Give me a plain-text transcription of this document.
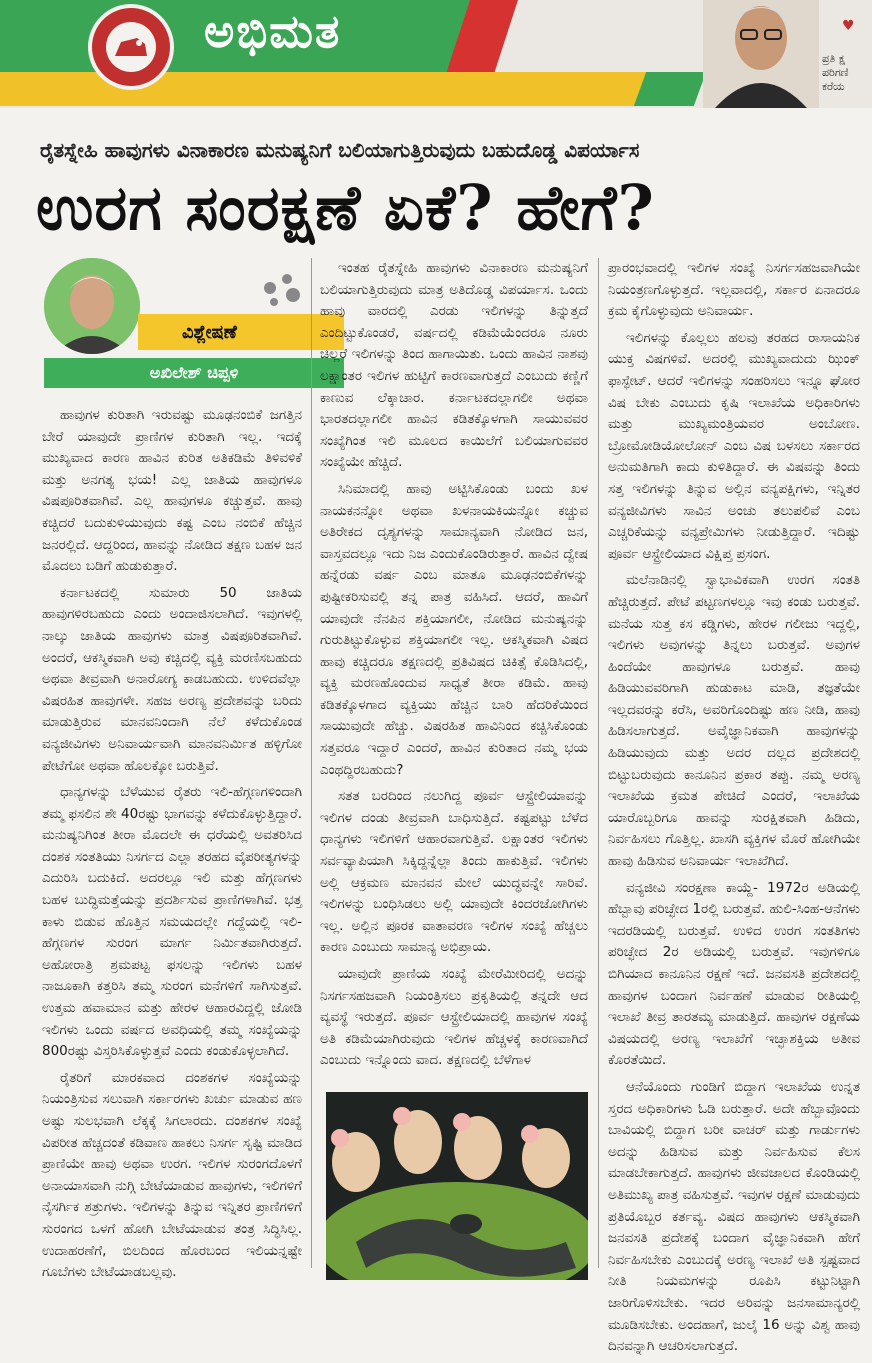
ಅಭಿಮತ	♥
ಪ್ರತಿ ಕ್ಷ
ಪರಿಗಣಿ
ಕರೆಯ
ರೈತಸ್ನೇಹಿ ಹಾವುಗಳು ವಿನಾಕಾರಣ ಮನುಷ್ಯನಿಗೆ ಬಲಿಯಾಗುತ್ತಿರುವುದು ಬಹುದೊಡ್ಡ ವಿಪರ್ಯಾಸ
ಉರಗ ಸಂರಕ್ಷಣೆ ಏಕೆ? ಹೇಗೆ?
ವಿಶ್ಲೇಷಣೆ
ಅಖಿಲೇಶ್ ಚಿಪ್ಪಳಿ

ಹಾವುಗಳ ಕುರಿತಾಗಿ ಇರುವಷ್ಟು ಮೂಢನಂಬಿಕೆ ಜಗತ್ತಿನ ಬೇರೆ ಯಾವುದೇ ಪ್ರಾಣಿಗಳ ಕುರಿತಾಗಿ ಇಲ್ಲ. ಇದಕ್ಕೆ ಮುಖ್ಯವಾದ ಕಾರಣ ಹಾವಿನ ಕುರಿತ ಅತಿಕಡಿಮೆ ತಿಳಿವಳಿಕೆ ಮತ್ತು ಅನಗತ್ಯ ಭಯ! ಎಲ್ಲ ಜಾತಿಯ ಹಾವುಗಳೂ ವಿಷಪೂರಿತವಾಗಿವೆ. ಎಲ್ಲ ಹಾವುಗಳೂ ಕಚ್ಚುತ್ತವೆ. ಹಾವು ಕಚ್ಚಿದರೆ ಬದುಕುಳಿಯುವುದು ಕಷ್ಟ ಎಂಬ ನಂಬಿಕೆ ಹೆಚ್ಚಿನ ಜನರಲ್ಲಿದೆ. ಆದ್ದರಿಂದ, ಹಾವನ್ನು ನೋಡಿದ ತಕ್ಷಣ ಬಹಳ ಜನ ಮೊದಲು ಬಡಿಗೆ ಹುಡುಕುತ್ತಾರೆ.

ಕರ್ನಾಟಕದಲ್ಲಿ ಸುಮಾರು 50 ಜಾತಿಯ ಹಾವುಗಳಿರಬಹುದು ಎಂದು ಅಂದಾಜಿಸಲಾಗಿದೆ. ಇವುಗಳಲ್ಲಿ ನಾಲ್ಕು ಜಾತಿಯ ಹಾವುಗಳು ಮಾತ್ರ ವಿಷಪೂರಿತವಾಗಿವೆ. ಅಂದರೆ, ಆಕಸ್ಮಿಕವಾಗಿ ಅವು ಕಚ್ಚಿದಲ್ಲಿ ವ್ಯಕ್ತಿ ಮರಣಿಸಬಹುದು ಅಥವಾ ತೀವ್ರವಾಗಿ ಅನಾರೋಗ್ಯ ಕಾಡಬಹುದು. ಉಳಿದವೆಲ್ಲಾ ವಿಷರಹಿತ ಹಾವುಗಳೇ. ಸಹಜ ಅರಣ್ಯ ಪ್ರದೇಶವನ್ನು ಬರಿದು ಮಾಡುತ್ತಿರುವ ಮಾನವನಿಂದಾಗಿ ನೆಲೆ ಕಳೆದುಕೊಂಡ ವನ್ಯಜೀವಿಗಳು ಅನಿವಾರ್ಯವಾಗಿ ಮಾನವನಿರ್ಮಿತ ಹಳ್ಳಿಗೋ ಪೇಟೆಗೋ ಅಥವಾ ಹೊಲಕ್ಕೋ ಬರುತ್ತಿವೆ.

ಧಾನ್ಯಗಳನ್ನು ಬೆಳೆಯುವ ರೈತರು ಇಲಿ-ಹೆಗ್ಗಣಗಳಿಂದಾಗಿ ತಮ್ಮ ಫಸಲಿನ ಶೇ 40ರಷ್ಟು ಭಾಗವನ್ನು ಕಳೆದುಕೊಳ್ಳುತ್ತಿದ್ದಾರೆ. ಮನುಷ್ಯನಿಗಿಂತ ತೀರಾ ಮೊದಲೇ ಈ ಧರೆಯಲ್ಲಿ ಅವತರಿಸಿದ ದಂಶಕ ಸಂತತಿಯು ನಿಸರ್ಗದ ಎಲ್ಲಾ ತರಹದ ವೈಪರೀತ್ಯಗಳನ್ನು ಎದುರಿಸಿ ಬದುಕಿದೆ. ಅದರಲ್ಲೂ ಇಲಿ ಮತ್ತು ಹೆಗ್ಗಣಗಳು ಬಹಳ ಬುದ್ಧಿಮತ್ತೆಯನ್ನು ಪ್ರದರ್ಶಿಸುವ ಪ್ರಾಣಿಗಳಾಗಿವೆ. ಭತ್ತ ಕಾಳು ಬಿಡುವ ಹೊತ್ತಿನ ಸಮಯದಲ್ಲೇ ಗದ್ದೆಯಲ್ಲಿ ಇಲಿ-ಹೆಗ್ಗಣಗಳ ಸುರಂಗ ಮಾರ್ಗ ನಿರ್ಮಿತವಾಗಿರುತ್ತದೆ. ಅಹೋರಾತ್ರಿ ಶ್ರಮಪಟ್ಟ ಫಸಲನ್ನು ಇಲಿಗಳು ಬಹಳ ನಾಜೂಕಾಗಿ ಕತ್ತರಿಸಿ ತಮ್ಮ ಸುರಂಗ ಮನೆಗಳಿಗೆ ಸಾಗಿಸುತ್ತವೆ. ಉತ್ತಮ ಹವಾಮಾನ ಮತ್ತು ಹೇರಳ ಆಹಾರವಿದ್ದಲ್ಲಿ ಜೋಡಿ ಇಲಿಗಳು ಒಂದು ವರ್ಷದ ಅವಧಿಯಲ್ಲಿ ತಮ್ಮ ಸಂಖ್ಯೆಯನ್ನು 800ರಷ್ಟು ವಿಸ್ತರಿಸಿಕೊಳ್ಳುತ್ತವೆ ಎಂದು ಕಂಡುಕೊಳ್ಳಲಾಗಿದೆ.

ರೈತರಿಗೆ ಮಾರಕವಾದ ದಂಶಕಗಳ ಸಂಖ್ಯೆಯನ್ನು ನಿಯಂತ್ರಿಸುವ ಸಲುವಾಗಿ ಸರ್ಕಾರಗಳು ಖರ್ಚು ಮಾಡುವ ಹಣ ಅಷ್ಟು ಸುಲಭವಾಗಿ ಲೆಕ್ಕಕ್ಕೆ ಸಿಗಲಾರದು. ದಂಶಕಗಳ ಸಂಖ್ಯೆ ವಿಪರೀತ ಹೆಚ್ಚದಂತೆ ಕಡಿವಾಣ ಹಾಕಲು ನಿಸರ್ಗ ಸೃಷ್ಟಿ ಮಾಡಿದ ಪ್ರಾಣಿಯೇ ಹಾವು ಅಥವಾ ಉರಗ. ಇಲಿಗಳ ಸುರಂಗದೊಳಗೆ ಅನಾಯಾಸವಾಗಿ ನುಗ್ಗಿ ಬೇಟೆಯಾಡುವ ಹಾವುಗಳು, ಇಲಿಗಳಿಗೆ ನೈಸರ್ಗಿಕ ಶತ್ರುಗಳು. ಇಲಿಗಳನ್ನು ತಿನ್ನುವ ಇನ್ನಿತರ ಪ್ರಾಣಿಗಳಿಗೆ ಸುರಂಗದ ಒಳಗೆ ಹೋಗಿ ಬೇಟೆಯಾಡುವ ತಂತ್ರ ಸಿದ್ಧಿಸಿಲ್ಲ. ಉದಾಹರಣೆಗೆ, ಬಿಲದಿಂದ ಹೊರಬಂದ ಇಲಿಯನ್ನಷ್ಟೇ ಗೂಬೆಗಳು ಬೇಟೆಯಾಡಬಲ್ಲವು.

ಇಂತಹ ರೈತಸ್ನೇಹಿ ಹಾವುಗಳು ವಿನಾಕಾರಣ ಮನುಷ್ಯನಿಗೆ ಬಲಿಯಾಗುತ್ತಿರುವುದು ಮಾತ್ರ ಅತಿದೊಡ್ಡ ವಿಪರ್ಯಾಸ. ಒಂದು ಹಾವು ವಾರದಲ್ಲಿ ಎರಡು ಇಲಿಗಳನ್ನು ತಿನ್ನುತ್ತದೆ ಎಂದಿಟ್ಟುಕೊಂಡರೆ, ವರ್ಷದಲ್ಲಿ ಕಡಿಮೆಯೆಂದರೂ ನೂರು ಚಿಲ್ಲರೆ ಇಲಿಗಳನ್ನು ತಿಂದ ಹಾಗಾಯಿತು. ಒಂದು ಹಾವಿನ ನಾಶವು ಲಕ್ಷಾಂತರ ಇಲಿಗಳ ಹುಟ್ಟಿಗೆ ಕಾರಣವಾಗುತ್ತದೆ ಎಂಬುದು ಕಣ್ಣಿಗೆ ಕಾಣುವ ಲೆಕ್ಕಾಚಾರ. ಕರ್ನಾಟಕದಲ್ಲಾಗಲೀ ಅಥವಾ ಭಾರತದಲ್ಲಾಗಲೀ ಹಾವಿನ ಕಡಿತಕ್ಕೊಳಗಾಗಿ ಸಾಯುವವರ ಸಂಖ್ಯೆಗಿಂತ ಇಲಿ ಮೂಲದ ಕಾಯಿಲೆಗೆ ಬಲಿಯಾಗುವವರ ಸಂಖ್ಯೆಯೇ ಹೆಚ್ಚಿದೆ.

ಸಿನಿಮಾದಲ್ಲಿ ಹಾವು ಅಟ್ಟಿಸಿಕೊಂಡು ಬಂದು ಖಳ ನಾಯಕನನ್ನೋ ಅಥವಾ ಖಳನಾಯಕಿಯನ್ನೋ ಕಚ್ಚುವ ಅತಿರೇಕದ ದೃಶ್ಯಗಳನ್ನು ಸಾಮಾನ್ಯವಾಗಿ ನೋಡಿದ ಜನ, ವಾಸ್ತವದಲ್ಲೂ ಇದು ನಿಜ ಎಂದುಕೊಂಡಿರುತ್ತಾರೆ. ಹಾವಿನ ದ್ವೇಷ ಹನ್ನೆರಡು ವರ್ಷ ಎಂಬ ಮಾತೂ ಮೂಢನಂಬಿಕೆಗಳನ್ನು ಪುಷ್ಟೀಕರಿಸುವಲ್ಲಿ ತನ್ನ ಪಾತ್ರ ವಹಿಸಿದೆ. ಆದರೆ, ಹಾವಿಗೆ ಯಾವುದೇ ನೆನಪಿನ ಶಕ್ತಿಯಾಗಲೀ, ನೋಡಿದ ಮನುಷ್ಯನನ್ನು ಗುರುತಿಟ್ಟುಕೊಳ್ಳುವ ಶಕ್ತಿಯಾಗಲೀ ಇಲ್ಲ. ಆಕಸ್ಮಿಕವಾಗಿ ವಿಷದ ಹಾವು ಕಚ್ಚಿದರೂ ತಕ್ಷಣದಲ್ಲಿ ಪ್ರತಿವಿಷದ ಚಿಕಿತ್ಸೆ ಕೊಡಿಸಿದಲ್ಲಿ, ವ್ಯಕ್ತಿ ಮರಣಹೊಂದುವ ಸಾಧ್ಯತೆ ತೀರಾ ಕಡಿಮೆ. ಹಾವು ಕಡಿತಕ್ಕೊಳಗಾದ ವ್ಯಕ್ತಿಯು ಹೆಚ್ಚಿನ ಬಾರಿ ಹೆದರಿಕೆಯಿಂದ ಸಾಯುವುದೇ ಹೆಚ್ಚು. ವಿಷರಹಿತ ಹಾವಿನಿಂದ ಕಚ್ಚಿಸಿಕೊಂಡು ಸತ್ತವರೂ ಇದ್ದಾರೆ ಎಂದರೆ, ಹಾವಿನ ಕುರಿತಾದ ನಮ್ಮ ಭಯ ಎಂಥದ್ದಿರಬಹುದು?

ಸತತ ಬರದಿಂದ ನಲುಗಿದ್ದ ಪೂರ್ವ ಆಸ್ಟ್ರೇಲಿಯಾವನ್ನು ಇಲಿಗಳ ದಂಡು ತೀವ್ರವಾಗಿ ಬಾಧಿಸುತ್ತಿದೆ. ಕಷ್ಟಪಟ್ಟು ಬೆಳೆದ ಧಾನ್ಯಗಳು ಇಲಿಗಳಿಗೆ ಆಹಾರವಾಗುತ್ತಿವೆ. ಲಕ್ಷಾಂತರ ಇಲಿಗಳು ಸರ್ವವ್ಯಾಪಿಯಾಗಿ ಸಿಕ್ಕಿದ್ದನ್ನೆಲ್ಲಾ ತಿಂದು ಹಾಕುತ್ತಿವೆ. ಇಲಿಗಳು ಅಲ್ಲಿ ಆಕ್ರಮಣ ಮಾನವನ ಮೇಲೆ ಯುದ್ಧವನ್ನೇ ಸಾರಿವೆ. ಇಲಿಗಳನ್ನು ಬಂಧಿಸಿಡಲು ಅಲ್ಲಿ ಯಾವುದೇ ಕಿಂದರಜೋಗಿಗಳು ಇಲ್ಲ. ಅಲ್ಲಿನ ಪೂರಕ ವಾತಾವರಣ ಇಲಿಗಳ ಸಂಖ್ಯೆ ಹೆಚ್ಚಲು ಕಾರಣ ಎಂಬುದು ಸಾಮಾನ್ಯ ಅಭಿಪ್ರಾಯ.

ಯಾವುದೇ ಪ್ರಾಣಿಯ ಸಂಖ್ಯೆ ಮೇರೆಮೀರಿದಲ್ಲಿ ಅದನ್ನು ನಿಸರ್ಗಸಹಜವಾಗಿ ನಿಯಂತ್ರಿಸಲು ಪ್ರಕೃತಿಯಲ್ಲಿ ತನ್ನದೇ ಆದ ವ್ಯವಸ್ಥೆ ಇರುತ್ತದೆ. ಪೂರ್ವ ಆಸ್ಟ್ರೇಲಿಯಾದಲ್ಲಿ ಹಾವುಗಳ ಸಂಖ್ಯೆ ಅತಿ ಕಡಿಮೆಯಾಗಿರುವುದು ಇಲಿಗಳ ಹೆಚ್ಚಳಕ್ಕೆ ಕಾರಣವಾಗಿದೆ ಎಂಬುದು ಇನ್ನೊಂದು ವಾದ. ತಕ್ಷಣದಲ್ಲಿ ಬೆಳೆಗಾಳ

ಪ್ರಾರಂಭವಾದಲ್ಲಿ ಇಲಿಗಳ ಸಂಖ್ಯೆ ನಿಸರ್ಗಸಹಜವಾಗಿಯೇ ನಿಯಂತ್ರಣಗೊಳ್ಳುತ್ತದೆ. ಇಲ್ಲವಾದಲ್ಲಿ, ಸರ್ಕಾರ ಏನಾದರೂ ಕ್ರಮ ಕೈಗೊಳ್ಳುವುದು ಅನಿವಾರ್ಯ.

ಇಲಿಗಳನ್ನು ಕೊಲ್ಲಲು ಹಲವು ತರಹದ ರಾಸಾಯನಿಕ ಯುಕ್ತ ವಿಷಗಳಿವೆ. ಅದರಲ್ಲಿ ಮುಖ್ಯವಾದುದು ಝಿಂಕ್ ಫಾಸ್ಫೇಟ್. ಆದರೆ ಇಲಿಗಳನ್ನು ಸಂಹರಿಸಲು ಇನ್ನೂ ಘೋರ ವಿಷ ಬೇಕು ಎಂಬುದು ಕೃಷಿ ಇಲಾಖೆಯ ಅಧಿಕಾರಿಗಳು ಮತ್ತು ಮುಖ್ಯಮಂತ್ರಿಯವರ ಅಂಬೋಣ. ಬ್ರೋಮೋಡಿಯೋಲೋನ್ ಎಂಬ ವಿಷ ಬಳಸಲು ಸರ್ಕಾರದ ಅನುಮತಿಗಾಗಿ ಕಾದು ಕುಳಿತಿದ್ದಾರೆ. ಈ ವಿಷವನ್ನು ತಿಂದು ಸತ್ತ ಇಲಿಗಳನ್ನು ತಿನ್ನುವ ಅಲ್ಲಿನ ವನ್ಯಪಕ್ಷಿಗಳು, ಇನ್ನಿತರ ವನ್ಯಜೀವಿಗಳು ಸಾವಿನ ಅಂಚು ತಲುಪಲಿವೆ ಎಂಬ ಎಚ್ಚರಿಕೆಯನ್ನು ವನ್ಯಪ್ರೇಮಿಗಳು ನೀಡುತ್ತಿದ್ದಾರೆ. ಇದಿಷ್ಟು ಪೂರ್ವ ಆಸ್ಟ್ರೇಲಿಯಾದ ವಿಕ್ಷಿಪ್ತ ಪ್ರಸಂಗ.

ಮಲೆನಾಡಿನಲ್ಲಿ ಸ್ವಾಭಾವಿಕವಾಗಿ ಉರಗ ಸಂತತಿ ಹೆಚ್ಚಿರುತ್ತದೆ. ಪೇಟೆ ಪಟ್ಟಣಗಳಲ್ಲೂ ಇವು ಕಂಡು ಬರುತ್ತವೆ. ಮನೆಯ ಸುತ್ತ ಕಸ ಕಡ್ಡಿಗಳು, ಹೇರಳ ಗಲೀಜು ಇದ್ದಲ್ಲಿ, ಇಲಿಗಳು ಅವುಗಳನ್ನು ತಿನ್ನಲು ಬರುತ್ತವೆ. ಅವುಗಳ ಹಿಂದೆಯೇ ಹಾವುಗಳೂ ಬರುತ್ತವೆ. ಹಾವು ಹಿಡಿಯುವವರಿಗಾಗಿ ಹುಡುಕಾಟ ಮಾಡಿ, ತಜ್ಞತೆಯೇ ಇಲ್ಲದವರನ್ನು ಕರೆಸಿ, ಅವರಿಗೊಂದಿಷ್ಟು ಹಣ ನೀಡಿ, ಹಾವು ಹಿಡಿಸಲಾಗುತ್ತದೆ. ಅವೈಜ್ಞಾನಿಕವಾಗಿ ಹಾವುಗಳನ್ನು ಹಿಡಿಯುವುದು ಮತ್ತು ಅದರ ದಲ್ಲದ ಪ್ರದೇಶದಲ್ಲಿ ಬಿಟ್ಟುಬರುವುದು ಕಾನೂನಿನ ಪ್ರಕಾರ ತಪ್ಪು. ನಮ್ಮ ಅರಣ್ಯ ಇಲಾಖೆಯ ಕ್ರಮತ ಪೇಚಿದೆ ಎಂದರೆ, ಇಲಾಖೆಯ ಯಾರೊಬ್ಬರಿಗೂ ಹಾವನ್ನು ಸುರಕ್ಷಿತವಾಗಿ ಹಿಡಿದು, ನಿರ್ವಹಿಸಲು ಗೊತ್ತಿಲ್ಲ. ಖಾಸಗಿ ವ್ಯಕ್ತಿಗಳ ಮೊರೆ ಹೋಗಿಯೇ ಹಾವು ಹಿಡಿಸುವ ಅನಿವಾರ್ಯ ಇಲಾಖೆಗಿದೆ.

ವನ್ಯಜೀವಿ ಸಂರಕ್ಷಣಾ ಕಾಯ್ದೆ- 1972ರ ಅಡಿಯಲ್ಲಿ ಹೆಬ್ಬಾವು ಪರಿಚ್ಛೇದ 1ರಲ್ಲಿ ಬರುತ್ತವೆ. ಹುಲಿ-ಸಿಂಹ-ಆನೆಗಳು ಇದರಡಿಯಲ್ಲಿ ಬರುತ್ತವೆ. ಉಳಿದ ಉರಗ ಸಂತತಿಗಳು ಪರಿಚ್ಛೇದ 2ರ ಅಡಿಯಲ್ಲಿ ಬರುತ್ತವೆ. ಇವುಗಳಿಗೂ ಬಿಗಿಯಾದ ಕಾನೂನಿನ ರಕ್ಷಣೆ ಇದೆ. ಜನವಸತಿ ಪ್ರದೇಶದಲ್ಲಿ ಹಾವುಗಳ ಬಂದಾಗ ನಿರ್ವಹಣೆ ಮಾಡುವ ರೀತಿಯಲ್ಲಿ ಇಲಾಖೆ ತೀವ್ರ ತಾರತಮ್ಯ ಮಾಡುತ್ತಿದೆ. ಹಾವುಗಳ ರಕ್ಷಣೆಯ ವಿಷಯದಲ್ಲಿ ಅರಣ್ಯ ಇಲಾಖೆಗೆ ಇಚ್ಛಾಶಕ್ತಿಯ ಅತೀವ ಕೊರತೆಯಿದೆ.

ಆನೆಯೊಂದು ಗುಂಡಿಗೆ ಬಿದ್ದಾಗ ಇಲಾಖೆಯ ಉನ್ನತ ಸ್ತರದ ಅಧಿಕಾರಿಗಳು ಓಡಿ ಬರುತ್ತಾರೆ. ಅದೇ ಹೆಬ್ಬಾವೊಂದು ಬಾವಿಯಲ್ಲಿ ಬಿದ್ದಾಗ ಬರೀ ವಾಚರ್ ಮತ್ತು ಗಾರ್ಡುಗಳು ಅದನ್ನು ಹಿಡಿಸುವ ಮತ್ತು ನಿರ್ವಹಿಸುವ ಕೆಲಸ ಮಾಡಬೇಕಾಗುತ್ತದೆ. ಹಾವುಗಳು ಜೀವಜಾಲದ ಕೊಂಡಿಯಲ್ಲಿ ಅತಿಮುಖ್ಯ ಪಾತ್ರ ವಹಿಸುತ್ತವೆ. ಇವುಗಳ ರಕ್ಷಣೆ ಮಾಡುವುದು ಪ್ರತಿಯೊಬ್ಬರ ಕರ್ತವ್ಯ. ವಿಷದ ಹಾವುಗಳು ಆಕಸ್ಮಿಕವಾಗಿ ಜನವಸತಿ ಪ್ರದೇಶಕ್ಕೆ ಬಂದಾಗ ವೈಜ್ಞಾನಿಕವಾಗಿ ಹೇಗೆ ನಿರ್ವಹಿಸಬೇಕು ಎಂಬುದಕ್ಕೆ ಅರಣ್ಯ ಇಲಾಖೆ ಅತಿ ಸ್ಪಷ್ಟವಾದ ನೀತಿ ನಿಯಮಗಳನ್ನು ರೂಪಿಸಿ ಕಟ್ಟುನಿಟ್ಟಾಗಿ ಜಾರಿಗೊಳಿಸಬೇಕು. ಇದರ ಅರಿವನ್ನು ಜನಸಾಮಾನ್ಯರಲ್ಲಿ ಮೂಡಿಸಬೇಕು. ಅಂದಹಾಗೆ, ಜುಲೈ 16 ಅನ್ನು ವಿಶ್ವ ಹಾವು ದಿನವನ್ನಾಗಿ ಆಚರಿಸಲಾಗುತ್ತದೆ.
